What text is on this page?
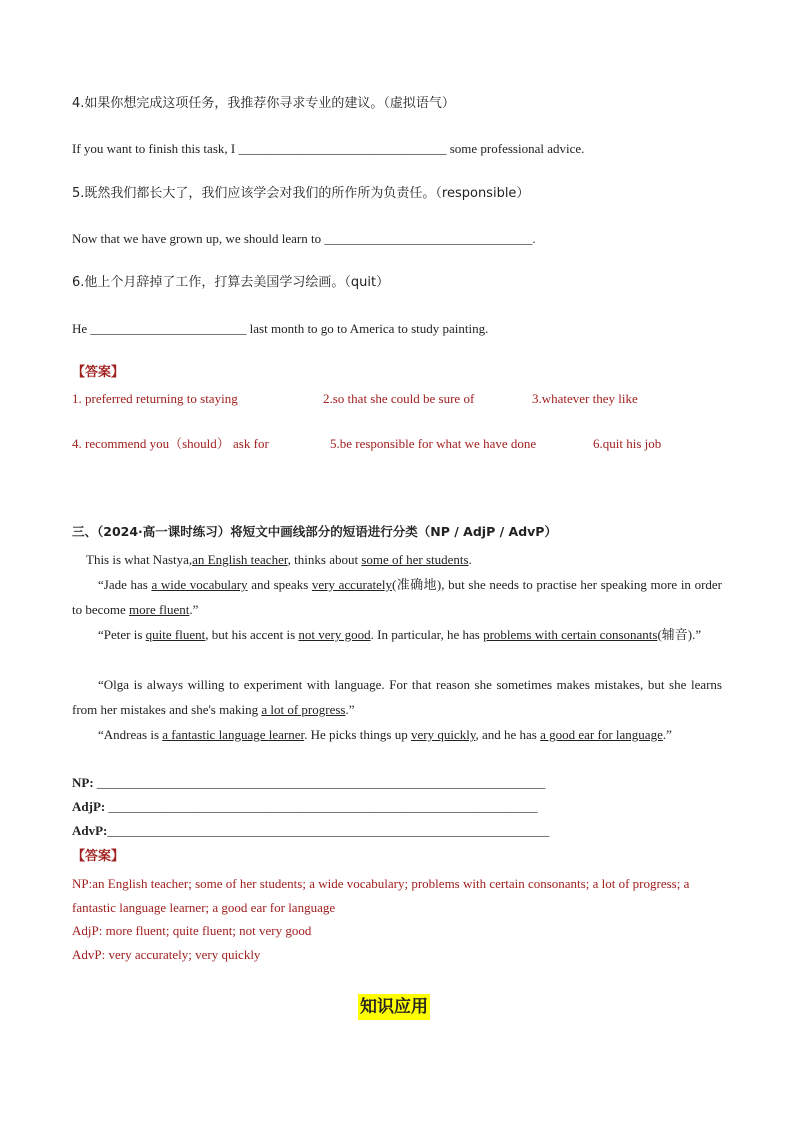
4.如果你想完成这项任务，我推荐你寻求专业的建议。（虚拟语气）
If you want to finish this task, I ________________________________ some professional advice.
5.既然我们都长大了，我们应该学会对我们的所作所为负责任。（responsible）
Now that we have grown up, we should learn to ________________________________.
6.他上个月辞掉了工作，打算去美国学习绘画。（quit）
He ________________________ last month to go to America to study painting.
【答案】
1. preferred returning to staying	2.so that she could be sure of	3.whatever they like
4. recommend you（should） ask for	5.be responsible for what we have done	6.quit his job
三、（2024·高一课时练习）将短文中画线部分的短语进行分类（NP / AdjP / AdvP）
This is what Nastya,an English teacher, thinks about some of her students.
“Jade has a wide vocabulary and speaks very accurately(准确地), but she needs to practise her speaking more in order to become more fluent.”
“Peter is quite fluent, but his accent is not very good. In particular, he has problems with certain consonants(辅音).”
“Olga is always willing to experiment with language. For that reason she sometimes makes mistakes, but she learns from her mistakes and she's making a lot of progress.”
“Andreas is a fantastic language learner. He picks things up very quickly, and he has a good ear for language.”
NP: _____________________________________________________________________
AdjP: __________________________________________________________________
AdvP:____________________________________________________________________
【答案】
NP:an English teacher; some of her students; a wide vocabulary; problems with certain consonants; a lot of progress; a fantastic language learner; a good ear for language
AdjP: more fluent; quite fluent; not very good
AdvP: very accurately; very quickly
知识应用
